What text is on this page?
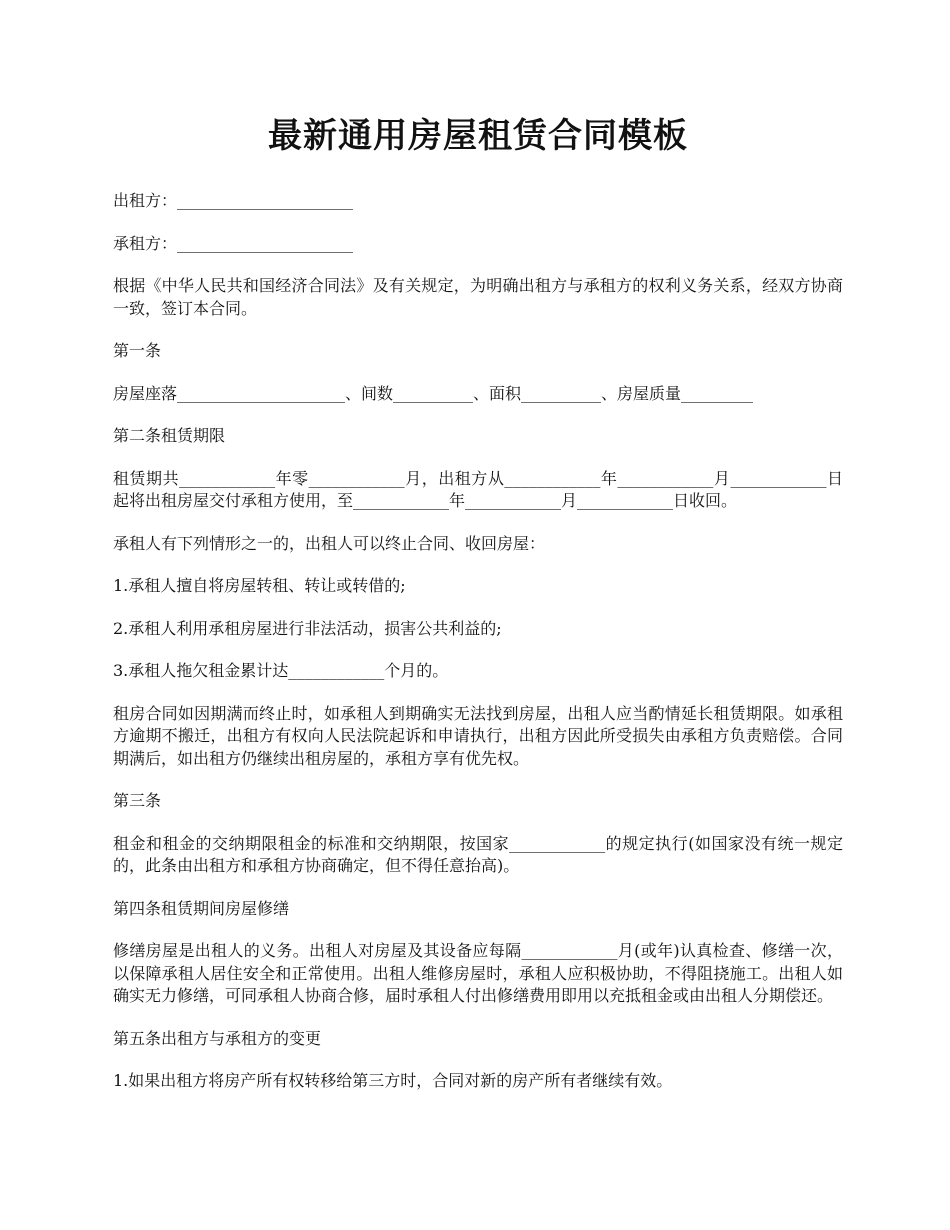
最新通用房屋租赁合同模板

出租方：______________________

承租方：______________________

根据《中华人民共和国经济合同法》及有关规定，为明确出租方与承租方的权利义务关系，经双方协商一致，签订本合同。

第一条

房屋座落_____________________、间数__________、面积__________、房屋质量_________

第二条租赁期限

租赁期共____________年零____________月，出租方从____________年____________月____________日起将出租房屋交付承租方使用，至____________年____________月____________日收回。

承租人有下列情形之一的，出租人可以终止合同、收回房屋：

1.承租人擅自将房屋转租、转让或转借的;

2.承租人利用承租房屋进行非法活动，损害公共利益的;

3.承租人拖欠租金累计达____________个月的。

租房合同如因期满而终止时，如承租人到期确实无法找到房屋，出租人应当酌情延长租赁期限。如承租方逾期不搬迁，出租方有权向人民法院起诉和申请执行，出租方因此所受损失由承租方负责赔偿。合同期满后，如出租方仍继续出租房屋的，承租方享有优先权。

第三条

租金和租金的交纳期限租金的标准和交纳期限，按国家____________的规定执行(如国家没有统一规定的，此条由出租方和承租方协商确定，但不得任意抬高)。

第四条租赁期间房屋修缮

修缮房屋是出租人的义务。出租人对房屋及其设备应每隔____________月(或年)认真检查、修缮一次，以保障承租人居住安全和正常使用。出租人维修房屋时，承租人应积极协助，不得阻挠施工。出租人如确实无力修缮，可同承租人协商合修，届时承租人付出修缮费用即用以充抵租金或由出租人分期偿还。

第五条出租方与承租方的变更

1.如果出租方将房产所有权转移给第三方时，合同对新的房产所有者继续有效。
